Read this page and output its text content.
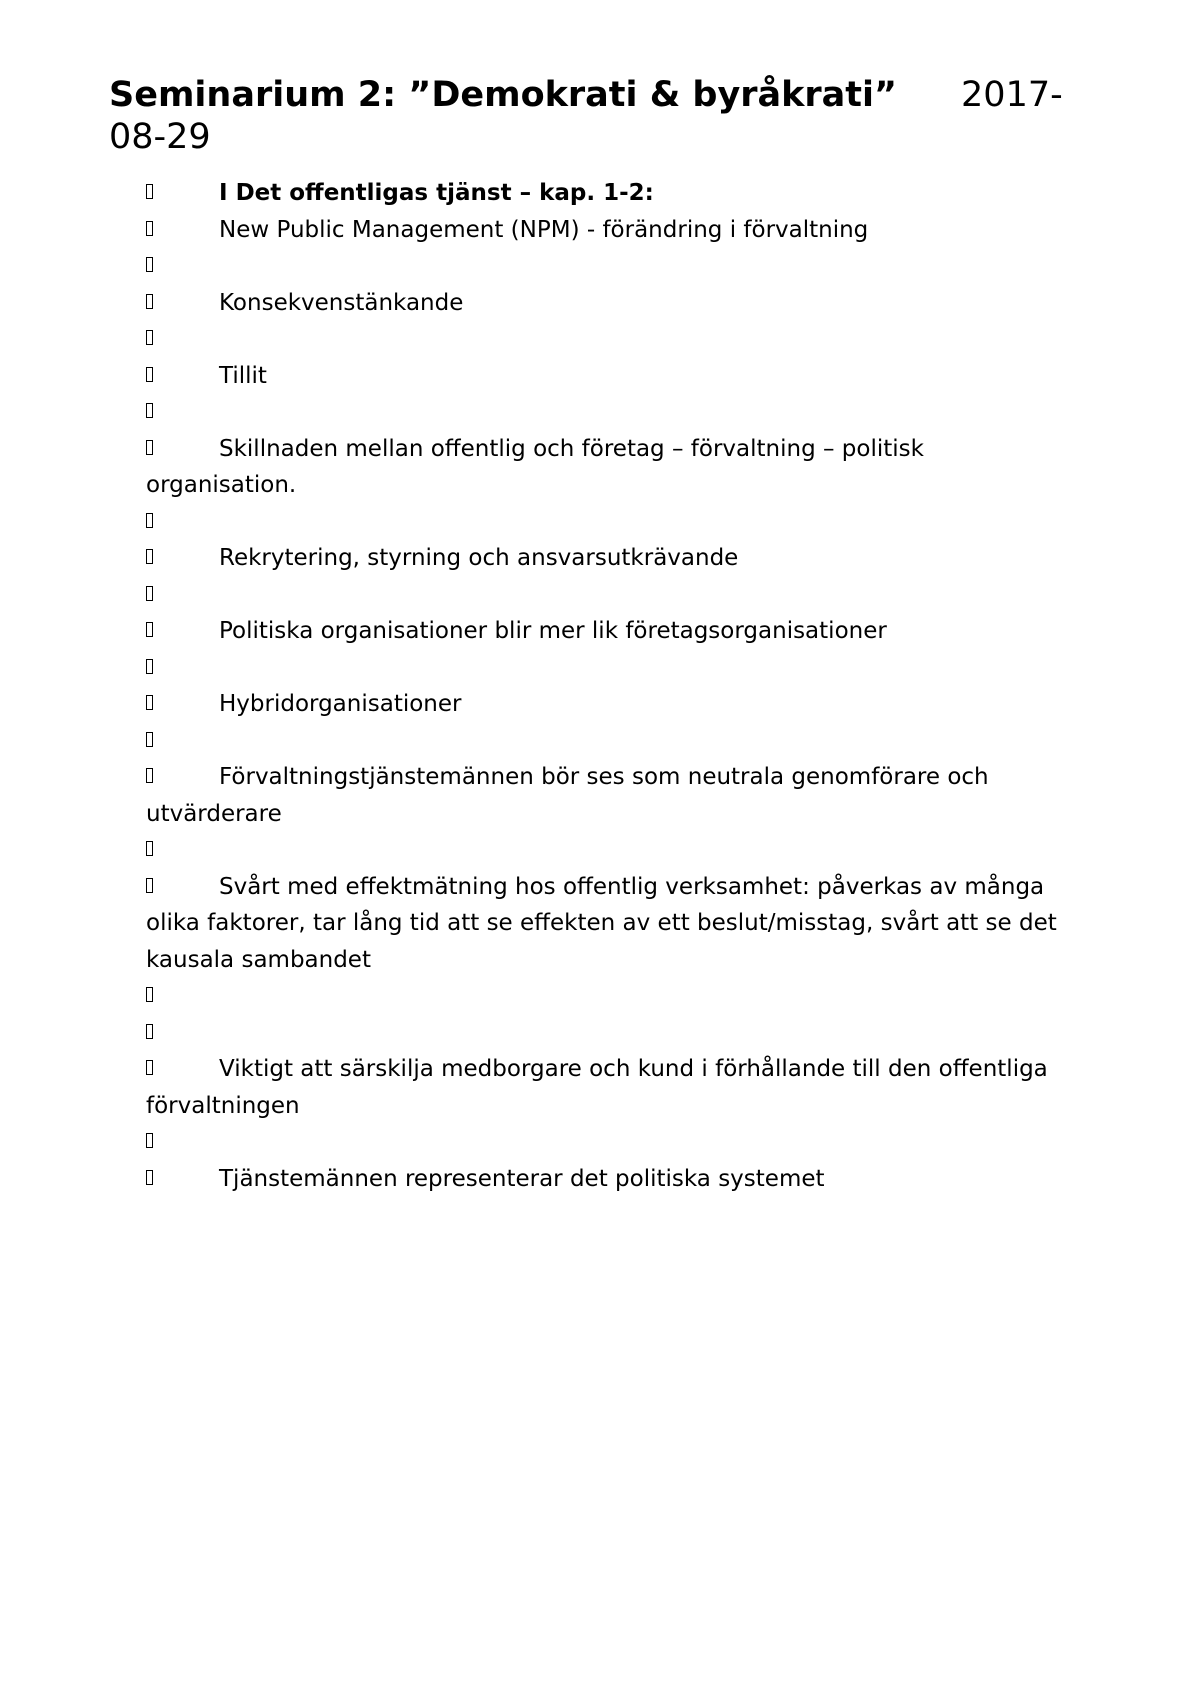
Seminarium 2: ”Demokrati & byråkrati” 2017-08-29
I Det offentligas tjänst – kap. 1-2:
New Public Management (NPM) - förändring i förvaltning
Konsekvenstänkande
Tillit
Skillnaden mellan offentlig och företag – förvaltning – politisk organisation.
Rekrytering, styrning och ansvarsutkrävande
Politiska organisationer blir mer lik företagsorganisationer
Hybridorganisationer
Förvaltningstjänstemännen bör ses som neutrala genomförare och utvärderare
Svårt med effektmätning hos offentlig verksamhet: påverkas av många olika faktorer, tar lång tid att se effekten av ett beslut/misstag, svårt att se det kausala sambandet
Viktigt att särskilja medborgare och kund i förhållande till den offentliga förvaltningen
Tjänstemännen representerar det politiska systemet
